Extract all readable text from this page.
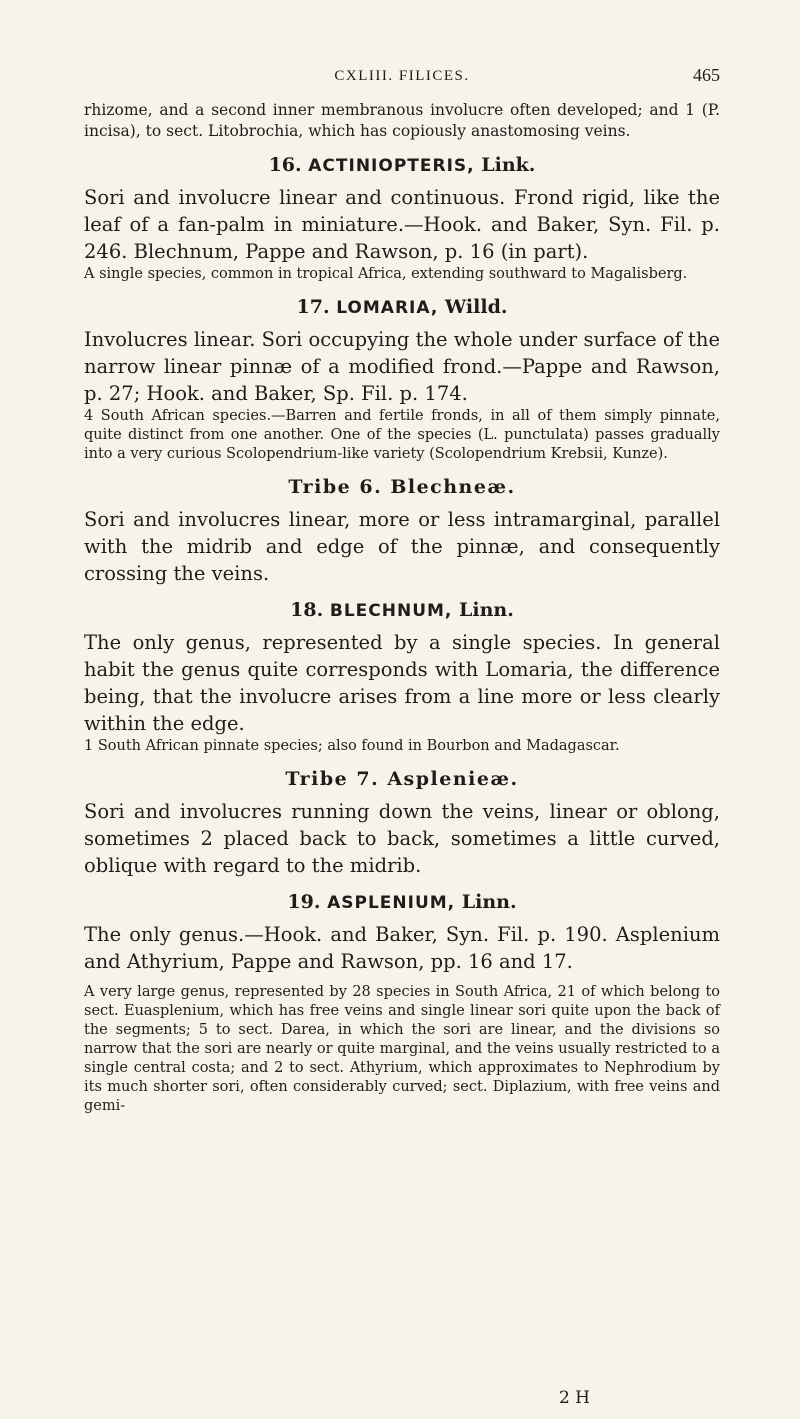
CXLIII. FILICES.	465

rhizome, and a second inner membranous involucre often developed; and 1 (P. incisa), to sect. Litobrochia, which has copiously anastomosing veins.

16. ACTINIOPTERIS, Link.

Sori and involucre linear and continuous. Frond rigid, like the leaf of a fan-palm in miniature.—Hook. and Baker, Syn. Fil. p. 246. Blechnum, Pappe and Rawson, p. 16 (in part).

A single species, common in tropical Africa, extending southward to Magalisberg.

17. LOMARIA, Willd.

Involucres linear. Sori occupying the whole under surface of the narrow linear pinnæ of a modified frond.—Pappe and Rawson, p. 27; Hook. and Baker, Sp. Fil. p. 174.

4 South African species.—Barren and fertile fronds, in all of them simply pinnate, quite distinct from one another. One of the species (L. punctulata) passes gradually into a very curious Scolopendrium-like variety (Scolopendrium Krebsii, Kunze).

Tribe 6. Blechneæ.

Sori and involucres linear, more or less intramarginal, parallel with the midrib and edge of the pinnæ, and consequently crossing the veins.

18. BLECHNUM, Linn.

The only genus, represented by a single species. In general habit the genus quite corresponds with Lomaria, the difference being, that the involucre arises from a line more or less clearly within the edge.

1 South African pinnate species; also found in Bourbon and Madagascar.

Tribe 7. Asplenieæ.

Sori and involucres running down the veins, linear or oblong, sometimes 2 placed back to back, sometimes a little curved, oblique with regard to the midrib.

19. ASPLENIUM, Linn.

The only genus.—Hook. and Baker, Syn. Fil. p. 190. Asplenium and Athyrium, Pappe and Rawson, pp. 16 and 17.

A very large genus, represented by 28 species in South Africa, 21 of which belong to sect. Euasplenium, which has free veins and single linear sori quite upon the back of the segments; 5 to sect. Darea, in which the sori are linear, and the divisions so narrow that the sori are nearly or quite marginal, and the veins usually restricted to a single central costa; and 2 to sect. Athyrium, which approximates to Nephrodium by its much shorter sori, often considerably curved; sect. Diplazium, with free veins and gemi-

2 H
